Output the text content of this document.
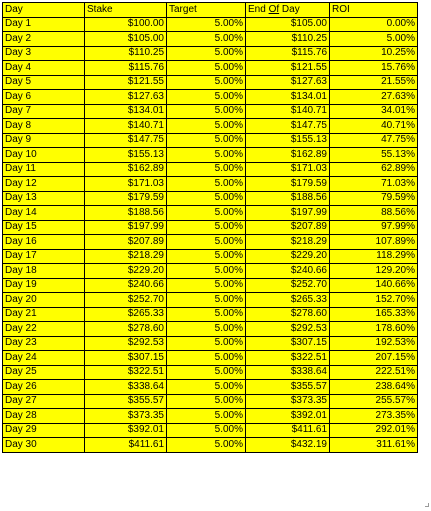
Day	Stake	Target	End Of Day	ROI
Day 1	$100.00	5.00%	$105.00	0.00%
Day 2	$105.00	5.00%	$110.25	5.00%
Day 3	$110.25	5.00%	$115.76	10.25%
Day 4	$115.76	5.00%	$121.55	15.76%
Day 5	$121.55	5.00%	$127.63	21.55%
Day 6	$127.63	5.00%	$134.01	27.63%
Day 7	$134.01	5.00%	$140.71	34.01%
Day 8	$140.71	5.00%	$147.75	40.71%
Day 9	$147.75	5.00%	$155.13	47.75%
Day 10	$155.13	5.00%	$162.89	55.13%
Day 11	$162.89	5.00%	$171.03	62.89%
Day 12	$171.03	5.00%	$179.59	71.03%
Day 13	$179.59	5.00%	$188.56	79.59%
Day 14	$188.56	5.00%	$197.99	88.56%
Day 15	$197.99	5.00%	$207.89	97.99%
Day 16	$207.89	5.00%	$218.29	107.89%
Day 17	$218.29	5.00%	$229.20	118.29%
Day 18	$229.20	5.00%	$240.66	129.20%
Day 19	$240.66	5.00%	$252.70	140.66%
Day 20	$252.70	5.00%	$265.33	152.70%
Day 21	$265.33	5.00%	$278.60	165.33%
Day 22	$278.60	5.00%	$292.53	178.60%
Day 23	$292.53	5.00%	$307.15	192.53%
Day 24	$307.15	5.00%	$322.51	207.15%
Day 25	$322.51	5.00%	$338.64	222.51%
Day 26	$338.64	5.00%	$355.57	238.64%
Day 27	$355.57	5.00%	$373.35	255.57%
Day 28	$373.35	5.00%	$392.01	273.35%
Day 29	$392.01	5.00%	$411.61	292.01%
Day 30	$411.61	5.00%	$432.19	311.61%
